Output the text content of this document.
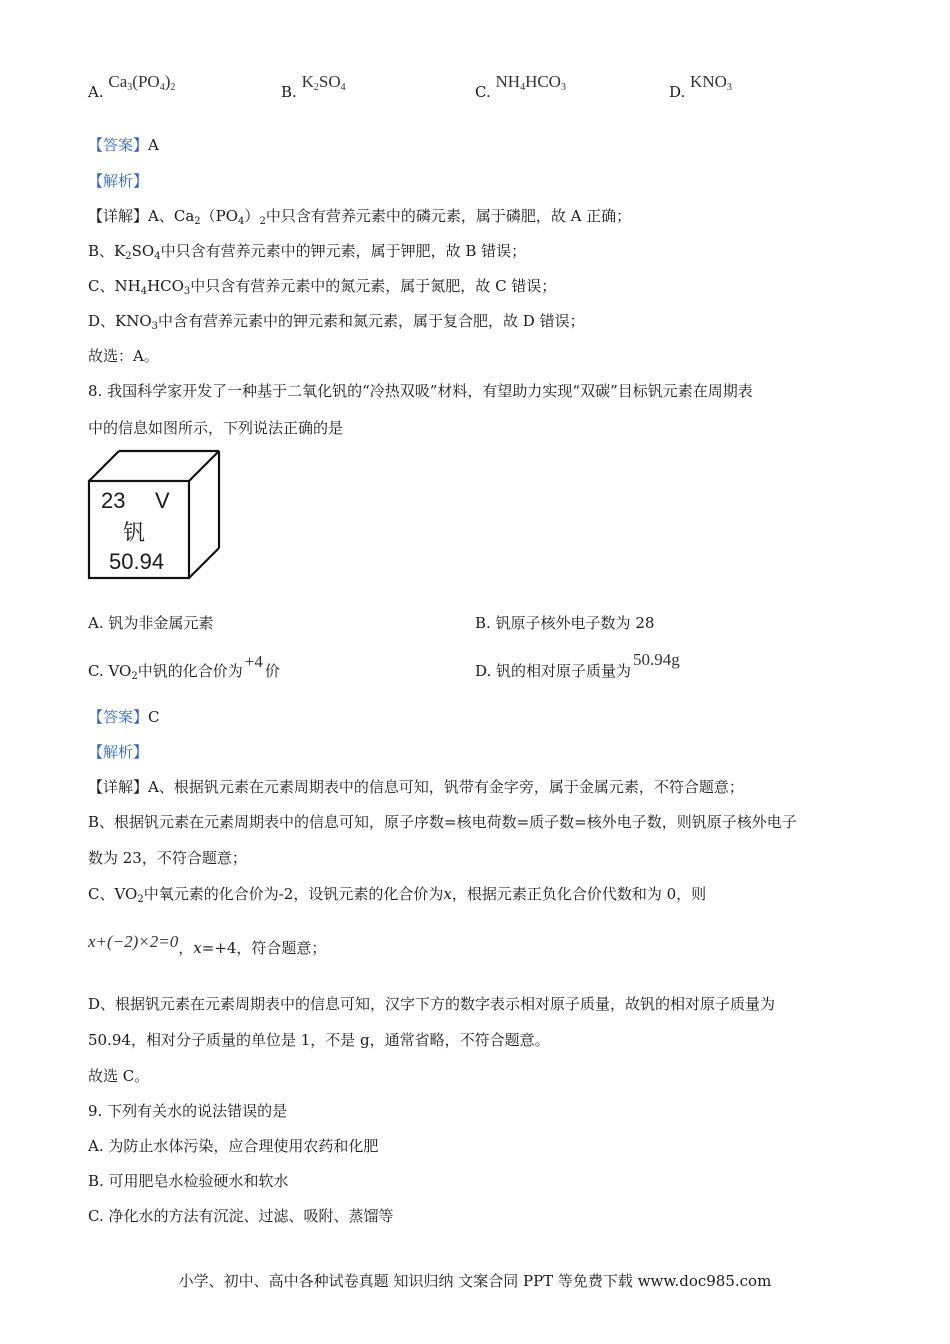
A. $Ca_3(PO_4)_2$	B. $K_2SO_4$	C. $NH_4HCO_3$	D. $KNO_3$
【答案】A
【解析】
【详解】A、$Ca_2(PO_4)_2$中只含有营养元素中的磷元素，属于磷肥，故 A 正确；
B、$K_2SO_4$中只含有营养元素中的钾元素，属于钾肥，故 B 错误；
C、$NH_4HCO_3$中只含有营养元素中的氮元素，属于氮肥，故 C 错误；
D、$KNO_3$中含有营养元素中的钾元素和氮元素，属于复合肥，故 D 错误；
故选：A。
8. 我国科学家开发了一种基于二氧化钒的“冷热双吸”材料，有望助力实现“双碳”目标钒元素在周期表
中的信息如图所示，下列说法正确的是
23 V
钒
50.94
A. 钒为非金属元素	B. 钒原子核外电子数为 28
C. $VO_2$中钒的化合价为 +4 价	D. 钒的相对原子质量为50.94g
【答案】C
【解析】
【详解】A、根据钒元素在元素周期表中的信息可知，钒带有金字旁，属于金属元素，不符合题意；
B、根据钒元素在元素周期表中的信息可知，原子序数=核电荷数=质子数=核外电子数，则钒原子核外电子
数为 23，不符合题意；
C、$VO_2$中氧元素的化合价为-2，设钒元素的化合价为x，根据元素正负化合价代数和为 0，则
x+(−2)×2=0，x=+4，符合题意；
D、根据钒元素在元素周期表中的信息可知，汉字下方的数字表示相对原子质量，故钒的相对原子质量为
50.94，相对分子质量的单位是 1，不是 g，通常省略，不符合题意。
故选 C。
9. 下列有关水的说法错误的是
A. 为防止水体污染，应合理使用农药和化肥
B. 可用肥皂水检验硬水和软水
C. 净化水的方法有沉淀、过滤、吸附、蒸馏等
小学、初中、高中各种试卷真题 知识归纳 文案合同 PPT 等免费下载 www.doc985.com
